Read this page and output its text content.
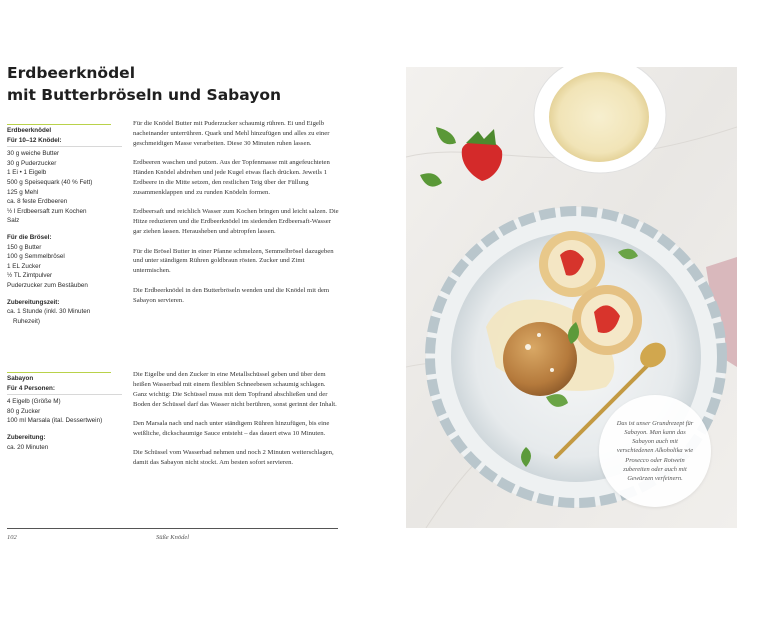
Erdbeerknödel
mit Butterbröseln und Sabayon
Erdbeerknödel
Für 10–12 Knödel:
30 g weiche Butter
30 g Puderzucker
1 Ei • 1 Eigelb
500 g Speisequark (40 % Fett)
125 g Mehl
ca. 8 feste Erdbeeren
½ l Erdbeersaft zum Kochen
Salz
Für die Brösel:
150 g Butter
100 g Semmelbrösel
1 EL Zucker
½ TL Zimtpulver
Puderzucker zum Bestäuben
Zubereitungszeit:
ca. 1 Stunde (inkl. 30 Minuten
Ruhezeit)
Sabayon
Für 4 Personen:
4 Eigelb (Größe M)
80 g Zucker
100 ml Marsala (ital. Dessertwein)
Zubereitung:
ca. 20 Minuten

Für die Knödel Butter mit Puderzucker schaumig rühren. Ei und Eigelb nacheinander unterrühren. Quark und Mehl hinzufügen und alles zu einer geschmeidigen Masse verarbeiten. Diese 30 Minuten ruhen lassen.

Erdbeeren waschen und putzen. Aus der Topfenmasse mit angefeuchteten Händen Knödel abdrehen und jede Kugel etwas flach drücken. Jeweils 1 Erdbeere in die Mitte setzen, den restlichen Teig über der Füllung zusammenklappen und zu runden Knödeln formen.

Erdbeersaft und reichlich Wasser zum Kochen bringen und leicht salzen. Die Hitze reduzieren und die Erdbeerknödel im siedenden Erdbeersaft-Wasser gar ziehen lassen. Herausheben und abtropfen lassen.

Für die Brösel Butter in einer Pfanne schmelzen, Semmelbrösel dazugeben und unter ständigem Rühren goldbraun rösten. Zucker und Zimt untermischen.

Die Erdbeerknödel in den Butterbröseln wenden und die Knödel mit dem Sabayon servieren.

Die Eigelbe und den Zucker in eine Metallschüssel geben und über dem heißen Wasserbad mit einem flexiblen Schneebesen schaumig schlagen. Ganz wichtig: Die Schüssel muss mit dem Topfrand abschließen und der Boden der Schüssel darf das Wasser nicht berühren, sonst gerinnt der Inhalt.

Den Marsala nach und nach unter ständigem Rühren hinzufügen, bis eine weißliche, dickschaumige Sauce entsteht – das dauert etwa 10 Minuten.

Die Schüssel vom Wasserbad nehmen und noch 2 Minuten weiterschlagen, damit das Sabayon nicht stockt. Am besten sofort servieren.

102	Süße Knödel
Das ist unser Grundrezept für Sabayon. Man kann das Sabayon auch mit verschiedenen Alkoholika wie Prosecco oder Rotwein zubereiten oder auch mit Gewürzen verfeinern.
